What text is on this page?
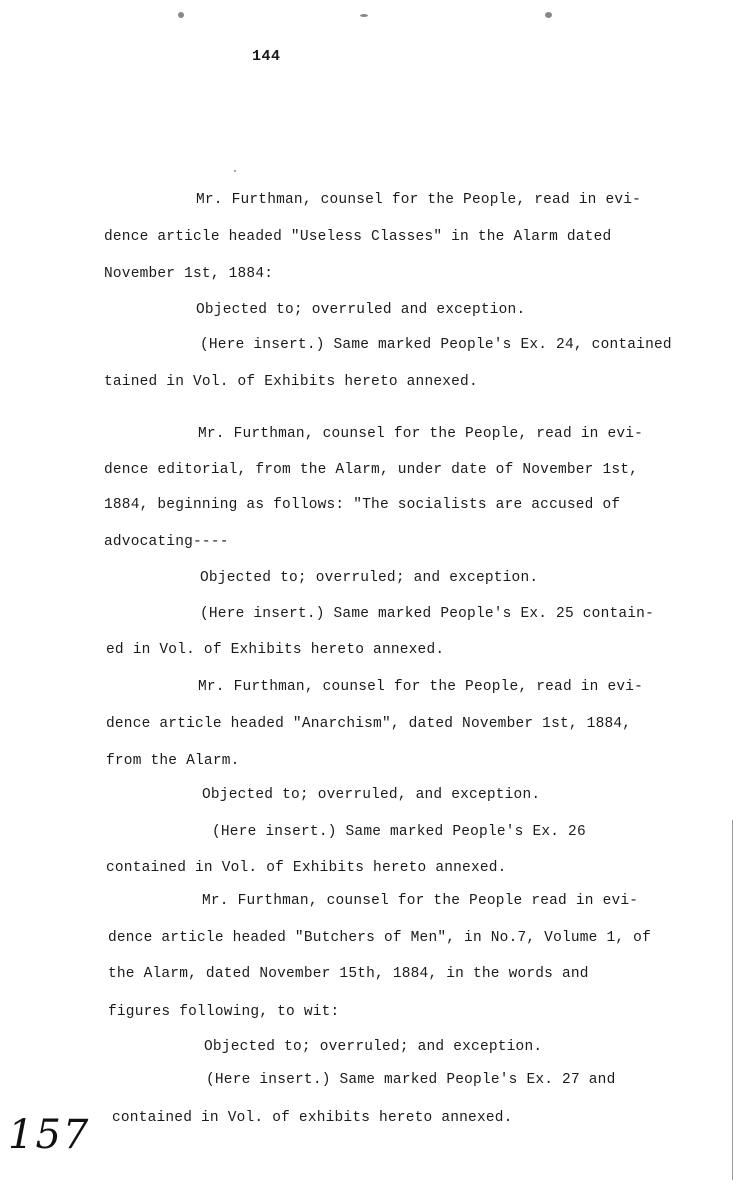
144
Mr. Furthman, counsel for the People, read in evi-
dence article headed "Useless Classes" in the Alarm dated
November 1st, 1884:
Objected to; overruled and exception.
(Here insert.) Same marked People's Ex. 24, contained
tained in Vol. of Exhibits hereto annexed.
Mr. Furthman, counsel for the People, read in evi-
dence editorial, from the Alarm, under date of November 1st,
1884, beginning as follows: "The socialists are accused of
advocating----
Objected to; overruled; and exception.
(Here insert.) Same marked People's Ex. 25 contain-
ed in Vol. of Exhibits hereto annexed.
Mr. Furthman, counsel for the People, read in evi-
dence article headed "Anarchism", dated November 1st, 1884,
from the Alarm.
Objected to; overruled, and exception.
(Here insert.) Same marked People's Ex. 26
contained in Vol. of Exhibits hereto annexed.
Mr. Furthman, counsel for the People read in evi-
dence article headed "Butchers of Men", in No.7, Volume 1, of
the Alarm, dated November 15th, 1884, in the words and
figures following, to wit:
Objected to; overruled; and exception.
(Here insert.) Same marked People's Ex. 27 and
contained in Vol. of exhibits hereto annexed.
157
